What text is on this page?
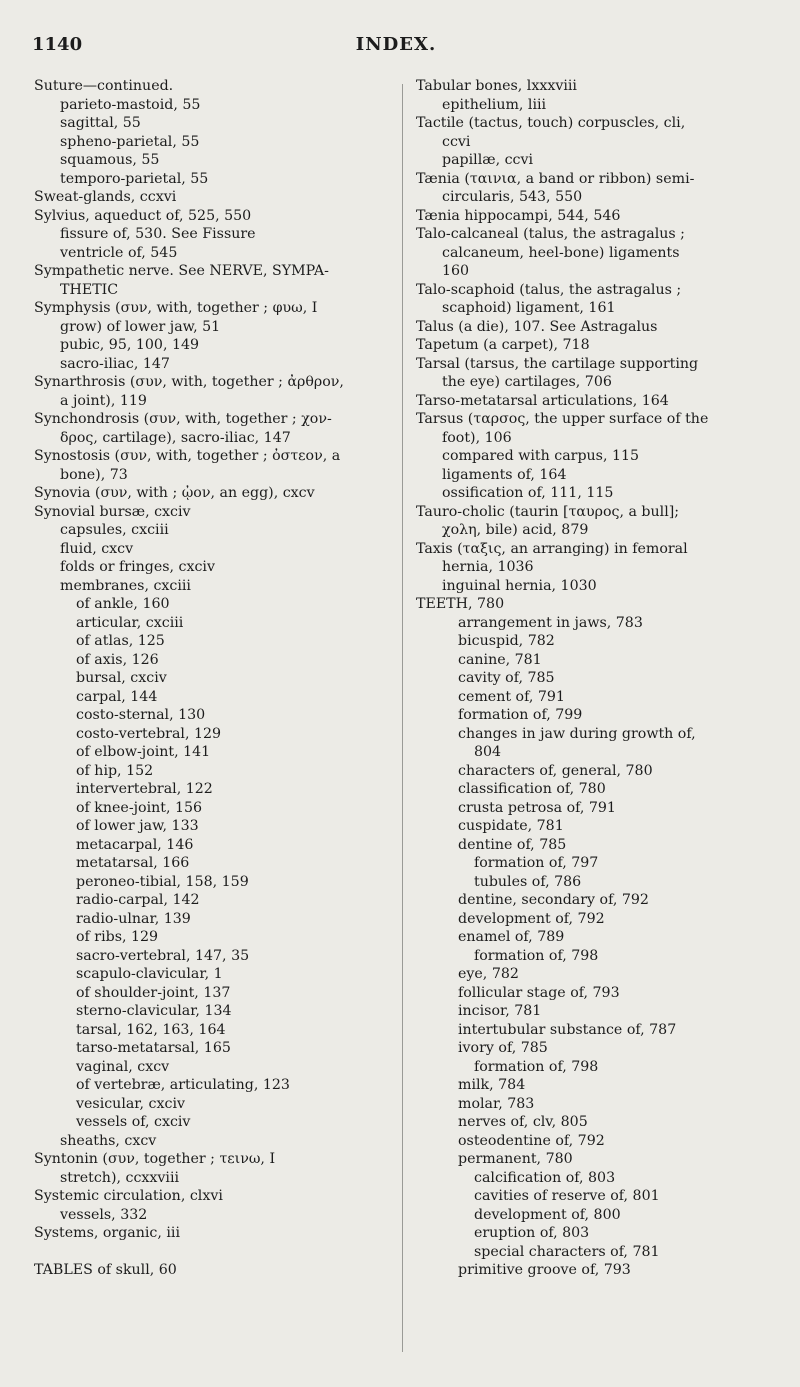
1140	INDEX.
Suture—continued.
parieto-mastoid, 55
sagittal, 55
spheno-parietal, 55
squamous, 55
temporo-parietal, 55
Sweat-glands, ccxvi
Sylvius, aqueduct of, 525, 550
fissure of, 530. See Fissure
ventricle of, 545
Sympathetic nerve. See NERVE, SYMPA-
THETIC
Symphysis (συν, with, together ; φυω, I
grow) of lower jaw, 51
pubic, 95, 100, 149
sacro-iliac, 147
Synarthrosis (συν, with, together ; ἀρθρον,
a joint), 119
Synchondrosis (συν, with, together ; χον-
δρος, cartilage), sacro-iliac, 147
Synostosis (συν, with, together ; ὀστεον, a
bone), 73
Synovia (συν, with ; ᾠον, an egg), cxcv
Synovial bursæ, cxciv
capsules, cxciii
fluid, cxcv
folds or fringes, cxciv
membranes, cxciii
of ankle, 160
articular, cxciii
of atlas, 125
of axis, 126
bursal, cxciv
carpal, 144
costo-sternal, 130
costo-vertebral, 129
of elbow-joint, 141
of hip, 152
intervertebral, 122
of knee-joint, 156
of lower jaw, 133
metacarpal, 146
metatarsal, 166
peroneo-tibial, 158, 159
radio-carpal, 142
radio-ulnar, 139
of ribs, 129
sacro-vertebral, 147, 35
scapulo-clavicular, 1
of shoulder-joint, 137
sterno-clavicular, 134
tarsal, 162, 163, 164
tarso-metatarsal, 165
vaginal, cxcv
of vertebræ, articulating, 123
vesicular, cxciv
vessels of, cxciv
sheaths, cxcv
Syntonin (συν, together ; τεινω, I
stretch), ccxxviii
Systemic circulation, clxvi
vessels, 332
Systems, organic, iii
TABLES of skull, 60
Tabular bones, lxxxviii
epithelium, liii
Tactile (tactus, touch) corpuscles, cli,
ccvi
papillæ, ccvi
Tænia (ταινια, a band or ribbon) semi-
circularis, 543, 550
Tænia hippocampi, 544, 546
Talo-calcaneal (talus, the astragalus ;
calcaneum, heel-bone) ligaments
160
Talo-scaphoid (talus, the astragalus ;
scaphoid) ligament, 161
Talus (a die), 107. See Astragalus
Tapetum (a carpet), 718
Tarsal (tarsus, the cartilage supporting
the eye) cartilages, 706
Tarso-metatarsal articulations, 164
Tarsus (ταρσος, the upper surface of the
foot), 106
compared with carpus, 115
ligaments of, 164
ossification of, 111, 115
Tauro-cholic (taurin [ταυρος, a bull];
χολη, bile) acid, 879
Taxis (ταξις, an arranging) in femoral
hernia, 1036
inguinal hernia, 1030
TEETH, 780
arrangement in jaws, 783
bicuspid, 782
canine, 781
cavity of, 785
cement of, 791
formation of, 799
changes in jaw during growth of,
804
characters of, general, 780
classification of, 780
crusta petrosa of, 791
cuspidate, 781
dentine of, 785
formation of, 797
tubules of, 786
dentine, secondary of, 792
development of, 792
enamel of, 789
formation of, 798
eye, 782
follicular stage of, 793
incisor, 781
intertubular substance of, 787
ivory of, 785
formation of, 798
milk, 784
molar, 783
nerves of, clv, 805
osteodentine of, 792
permanent, 780
calcification of, 803
cavities of reserve of, 801
development of, 800
eruption of, 803
special characters of, 781
primitive groove of, 793
